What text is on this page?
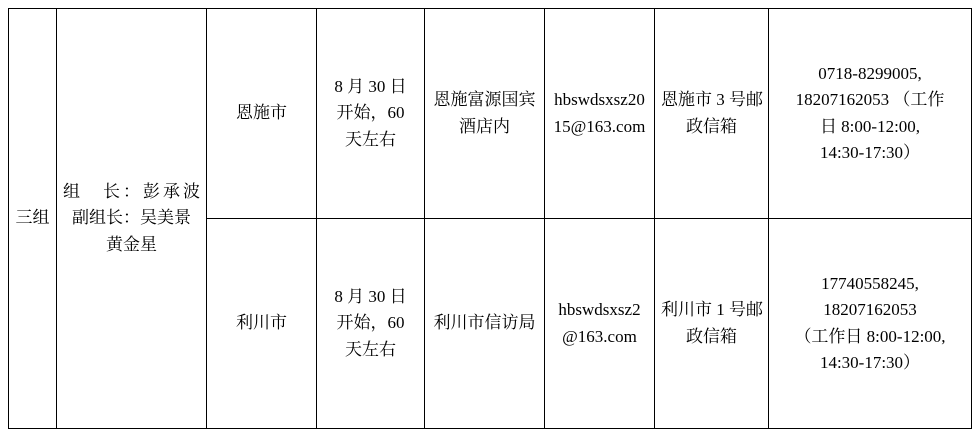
三组	组　长：彭承波
副组长：吴美景
黄金星	恩施市	8 月 30 日
开始，60
天左右	恩施富源国宾
酒店内	hbswdsxsz2015@163.com	恩施市 3 号邮
政信箱	0718-8299005,
18207162053 （工作
日 8:00-12:00,
14:30-17:30）
		利川市	8 月 30 日
开始，60
天左右	利川市信访局	hbswdsxsz2@163.com	利川市 1 号邮
政信箱	17740558245,
18207162053
（工作日 8:00-12:00,
14:30-17:30）
